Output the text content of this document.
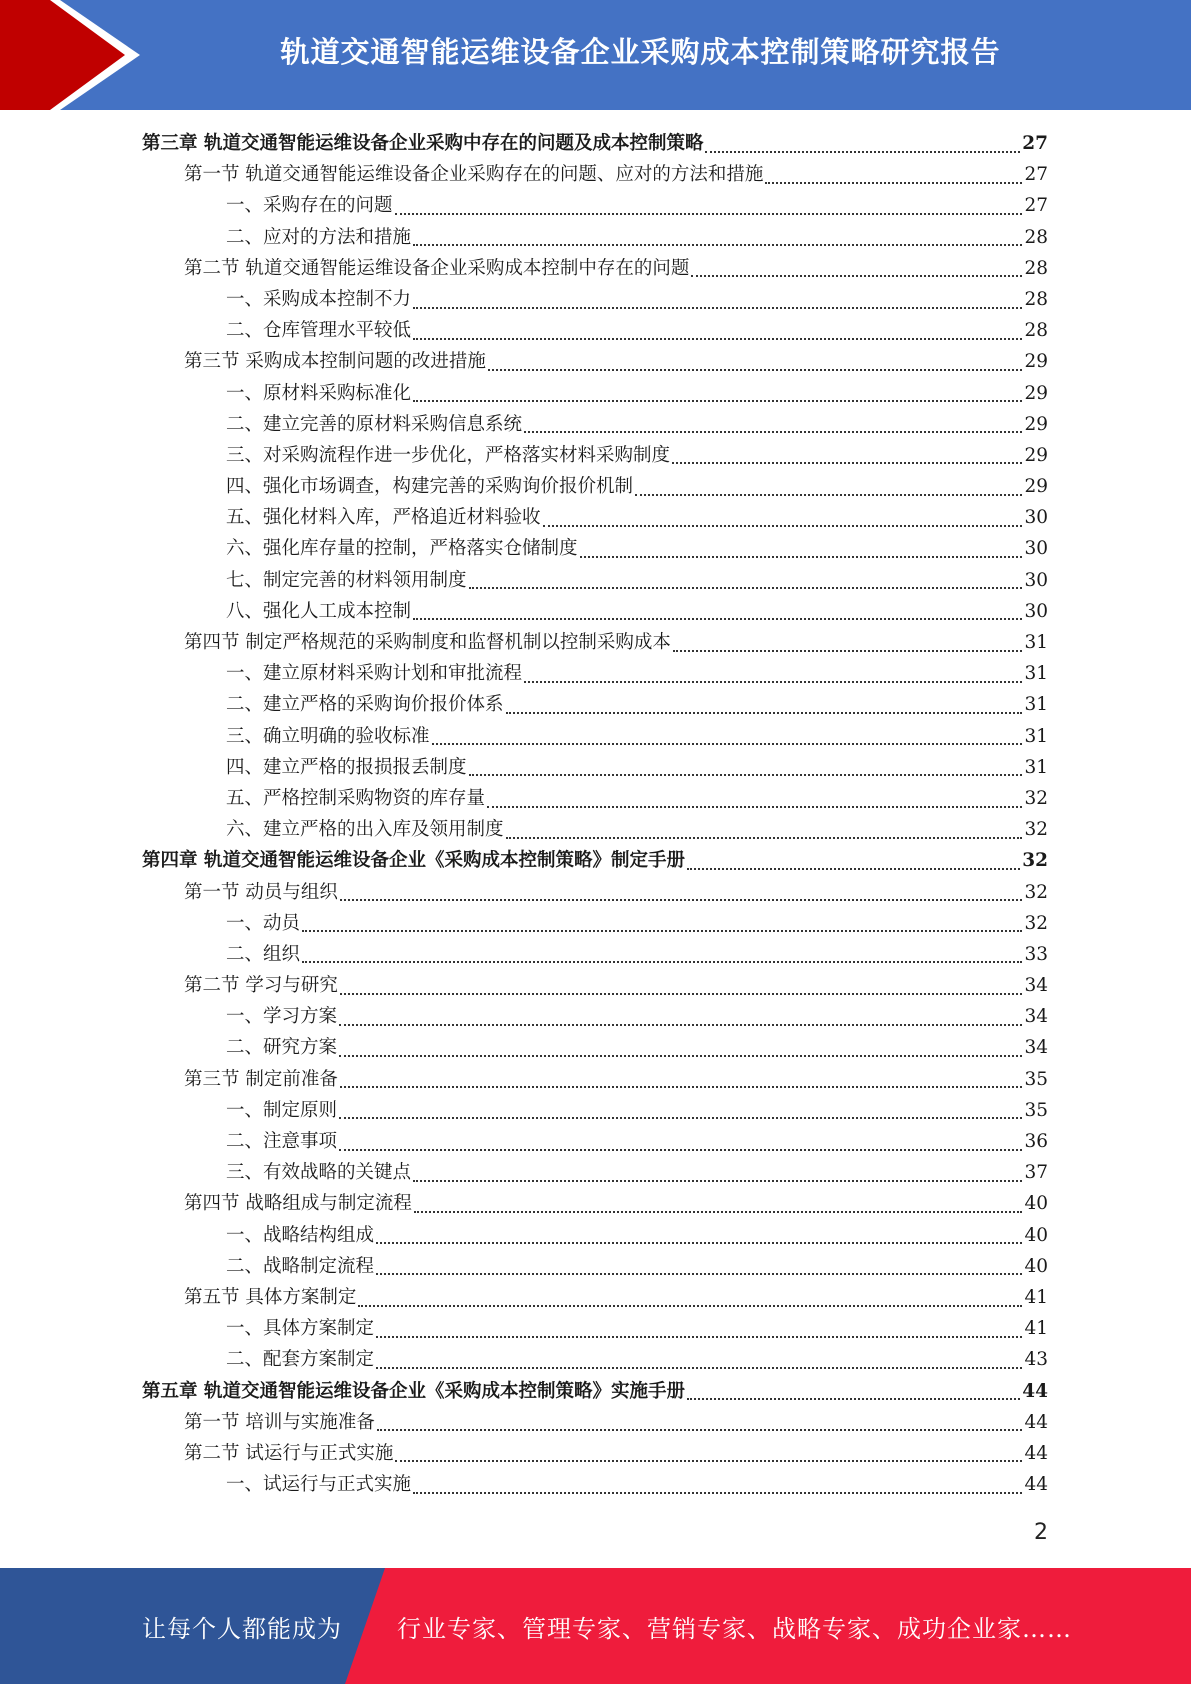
轨道交通智能运维设备企业采购成本控制策略研究报告
第三章 轨道交通智能运维设备企业采购中存在的问题及成本控制策略	27
第一节 轨道交通智能运维设备企业采购存在的问题、应对的方法和措施	27
一、采购存在的问题	27
二、应对的方法和措施	28
第二节 轨道交通智能运维设备企业采购成本控制中存在的问题	28
一、采购成本控制不力	28
二、仓库管理水平较低	28
第三节 采购成本控制问题的改进措施	29
一、原材料采购标准化	29
二、建立完善的原材料采购信息系统	29
三、对采购流程作进一步优化，严格落实材料采购制度	29
四、强化市场调查，构建完善的采购询价报价机制	29
五、强化材料入库，严格追近材料验收	30
六、强化库存量的控制，严格落实仓储制度	30
七、制定完善的材料领用制度	30
八、强化人工成本控制	30
第四节 制定严格规范的采购制度和监督机制以控制采购成本	31
一、建立原材料采购计划和审批流程	31
二、建立严格的采购询价报价体系	31
三、确立明确的验收标准	31
四、建立严格的报损报丢制度	31
五、严格控制采购物资的库存量	32
六、建立严格的出入库及领用制度	32
第四章 轨道交通智能运维设备企业《采购成本控制策略》制定手册	32
第一节 动员与组织	32
一、动员	32
二、组织	33
第二节 学习与研究	34
一、学习方案	34
二、研究方案	34
第三节 制定前准备	35
一、制定原则	35
二、注意事项	36
三、有效战略的关键点	37
第四节 战略组成与制定流程	40
一、战略结构组成	40
二、战略制定流程	40
第五节 具体方案制定	41
一、具体方案制定	41
二、配套方案制定	43
第五章 轨道交通智能运维设备企业《采购成本控制策略》实施手册	44
第一节 培训与实施准备	44
第二节 试运行与正式实施	44
一、试运行与正式实施	44
2
让每个人都能成为 行业专家、管理专家、营销专家、战略专家、成功企业家……
